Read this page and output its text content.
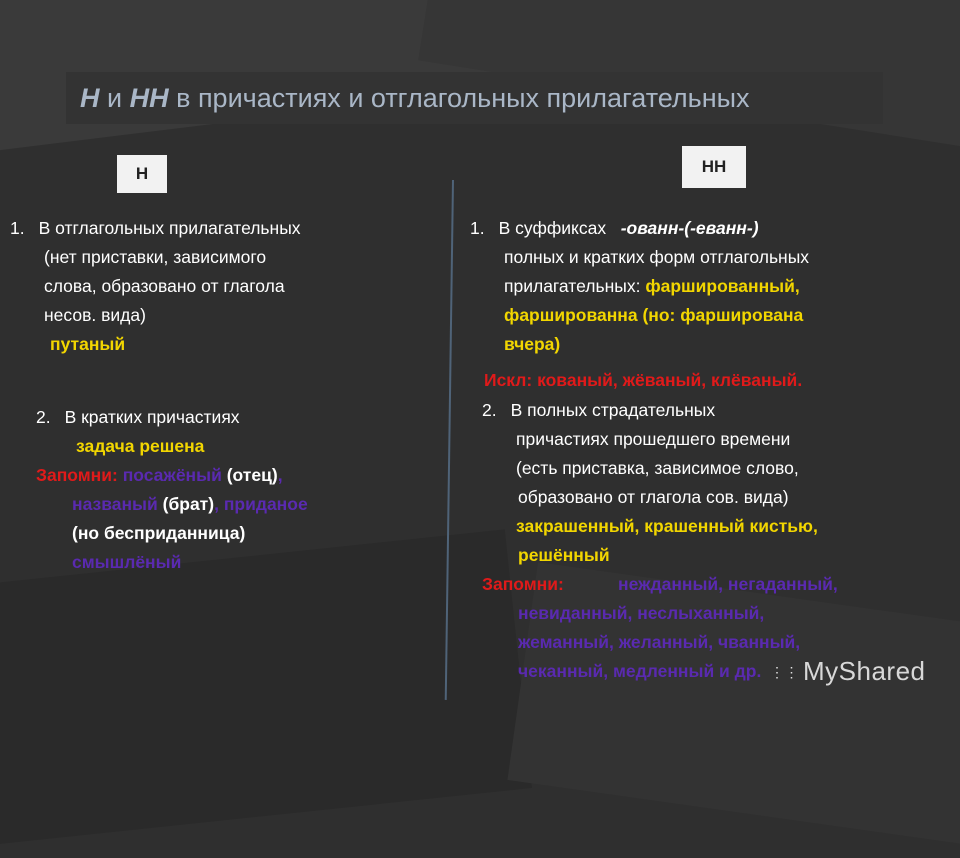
Н и НН в причастиях и отглагольных прилагательных
Н	НН
1. В отглагольных прилагательных
(нет приставки, зависимого
слова, образовано от глагола
несов. вида)
путаный
2. В кратких причастиях
задача решена
Запомни: посажёный (отец),
названый (брат), приданое
(но бесприданница)
смышлёный
1. В суффиксах -ованн-(-еванн-)
полных и кратких форм отглагольных
прилагательных: фаршированный,
фаршированна (но: фарширована
вчера)
Искл: кованый, жёваный, клёваный.
2. В полных страдательных
причастиях прошедшего времени
(есть приставка, зависимое слово,
образовано от глагола сов. вида)
закрашенный, крашенный кистью,
решённый
Запомни:	нежданный, негаданный,
невиданный, неслыханный,
жеманный, желанный, чванный,
чеканный, медленный и др. ⋮⋮ MyShared
